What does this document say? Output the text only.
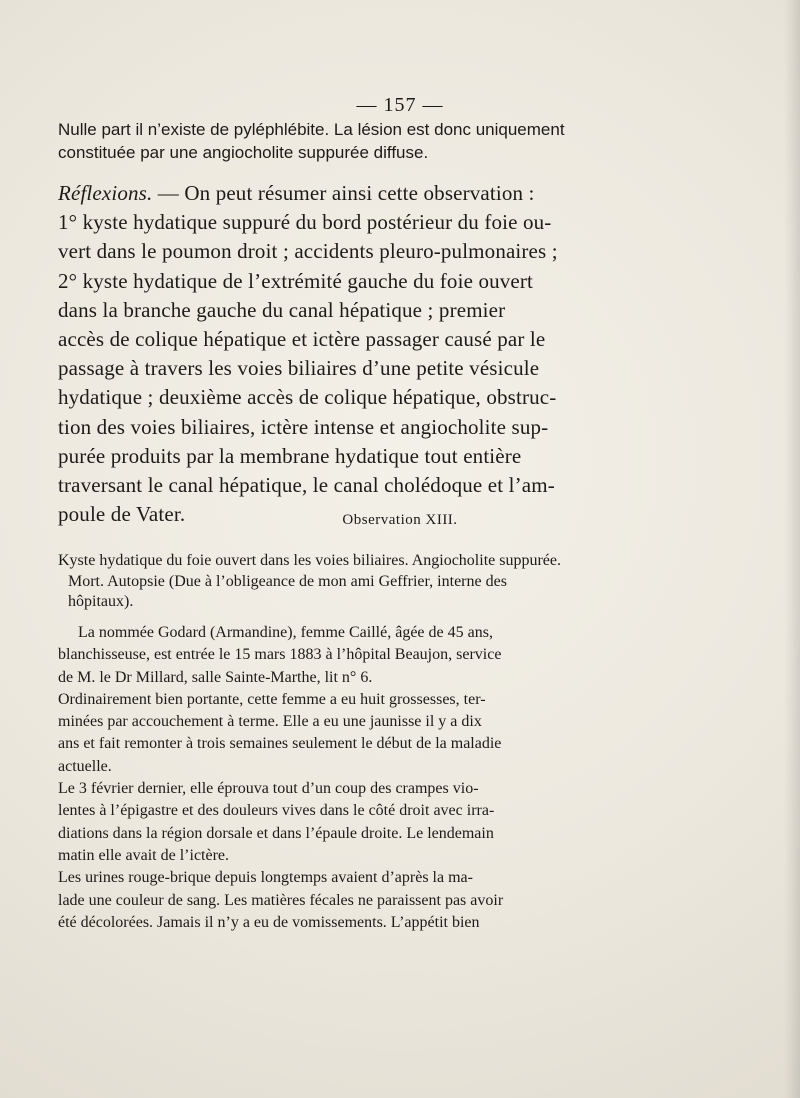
— 157 —
Nulle part il n’existe de pyléphlébite. La lésion est donc uniquement
constituée par une angiocholite suppurée diffuse.
Réflexions. — On peut résumer ainsi cette observation :
1° kyste hydatique suppuré du bord postérieur du foie ou-
vert dans le poumon droit ; accidents pleuro-pulmonaires ;
2° kyste hydatique de l’extrémité gauche du foie ouvert
dans la branche gauche du canal hépatique ; premier
accès de colique hépatique et ictère passager causé par le
passage à travers les voies biliaires d’une petite vésicule
hydatique ; deuxième accès de colique hépatique, obstruc-
tion des voies biliaires, ictère intense et angiocholite sup-
purée produits par la membrane hydatique tout entière
traversant le canal hépatique, le canal cholédoque et l’am-
poule de Vater.	Observation XIII.
Kyste hydatique du foie ouvert dans les voies biliaires. Angiocholite suppurée.
Mort. Autopsie (Due à l’obligeance de mon ami Geffrier, interne des
hôpitaux).
La nommée Godard (Armandine), femme Caillé, âgée de 45 ans,
blanchisseuse, est entrée le 15 mars 1883 à l’hôpital Beaujon, service
de M. le Dr Millard, salle Sainte-Marthe, lit n° 6.
Ordinairement bien portante, cette femme a eu huit grossesses, ter-
minées par accouchement à terme. Elle a eu une jaunisse il y a dix
ans et fait remonter à trois semaines seulement le début de la maladie
actuelle.
Le 3 février dernier, elle éprouva tout d’un coup des crampes vio-
lentes à l’épigastre et des douleurs vives dans le côté droit avec irra-
diations dans la région dorsale et dans l’épaule droite. Le lendemain
matin elle avait de l’ictère.
Les urines rouge-brique depuis longtemps avaient d’après la ma-
lade une couleur de sang. Les matières fécales ne paraissent pas avoir
été décolorées. Jamais il n’y a eu de vomissements. L’appétit bien
